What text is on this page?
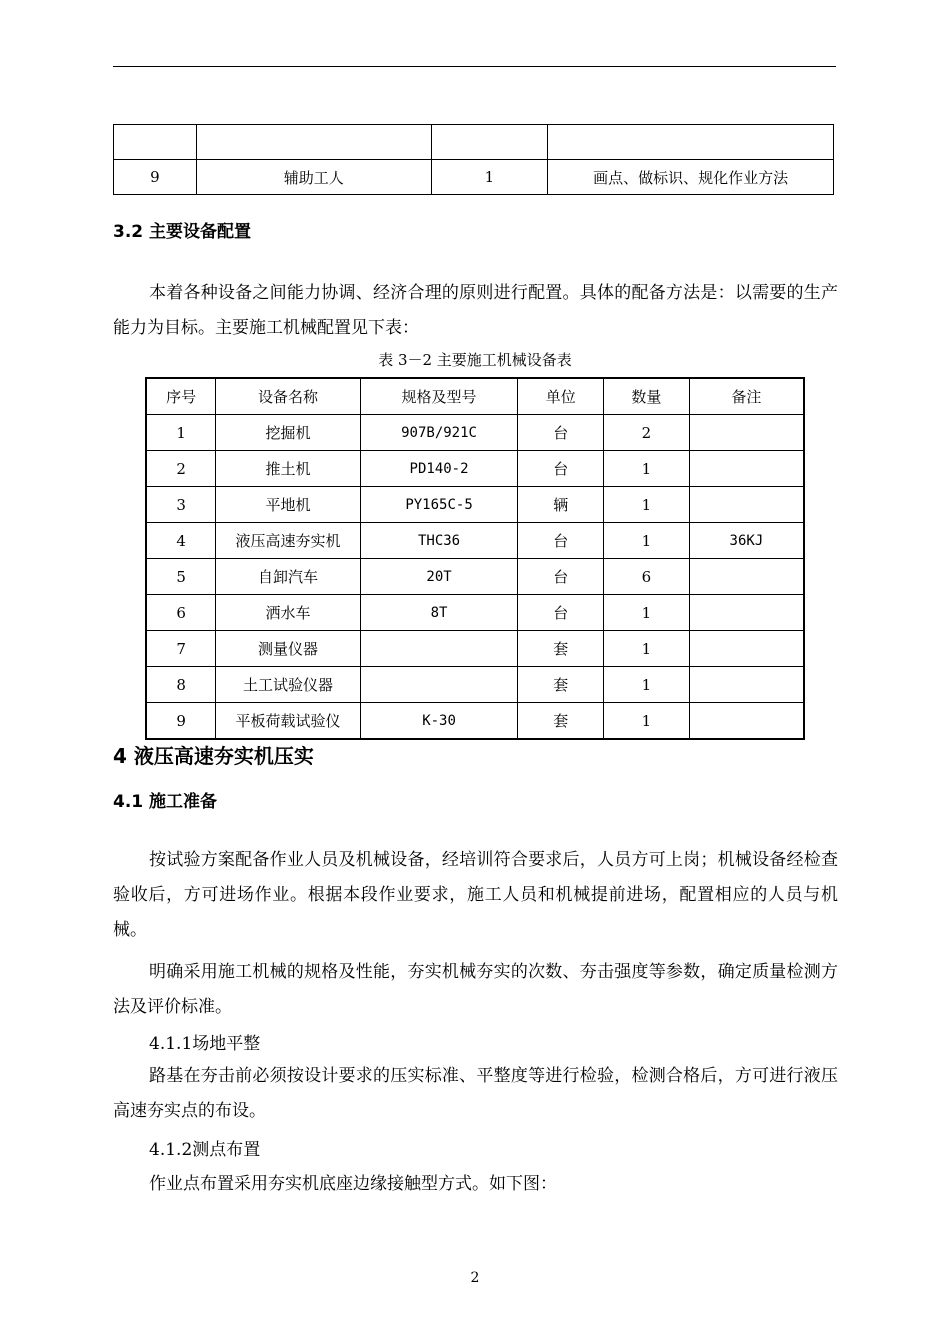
9	辅助工人	1	画点、做标识、规化作业方法
3.2 主要设备配置

本着各种设备之间能力协调、经济合理的原则进行配置。具体的配备方法是：以需要的生产能力为目标。主要施工机械配置见下表：

表 3－2 主要施工机械设备表
序号	设备名称	规格及型号	单位	数量	备注
1	挖掘机	907B/921C	台	2	
2	推土机	PD140-2	台	1	
3	平地机	PY165C-5	辆	1	
4	液压高速夯实机	THC36	台	1	36KJ
5	自卸汽车	20T	台	6	
6	洒水车	8T	台	1	
7	测量仪器		套	1	
8	土工试验仪器		套	1	
9	平板荷载试验仪	K-30	套	1	
4 液压高速夯实机压实
4.1 施工准备

按试验方案配备作业人员及机械设备，经培训符合要求后，人员方可上岗；机械设备经检查验收后，方可进场作业。根据本段作业要求，施工人员和机械提前进场，配置相应的人员与机械。

明确采用施工机械的规格及性能，夯实机械夯实的次数、夯击强度等参数，确定质量检测方法及评价标准。

4.1.1场地平整

路基在夯击前必须按设计要求的压实标准、平整度等进行检验，检测合格后，方可进行液压高速夯实点的布设。

4.1.2测点布置
作业点布置采用夯实机底座边缘接触型方式。如下图：
2
